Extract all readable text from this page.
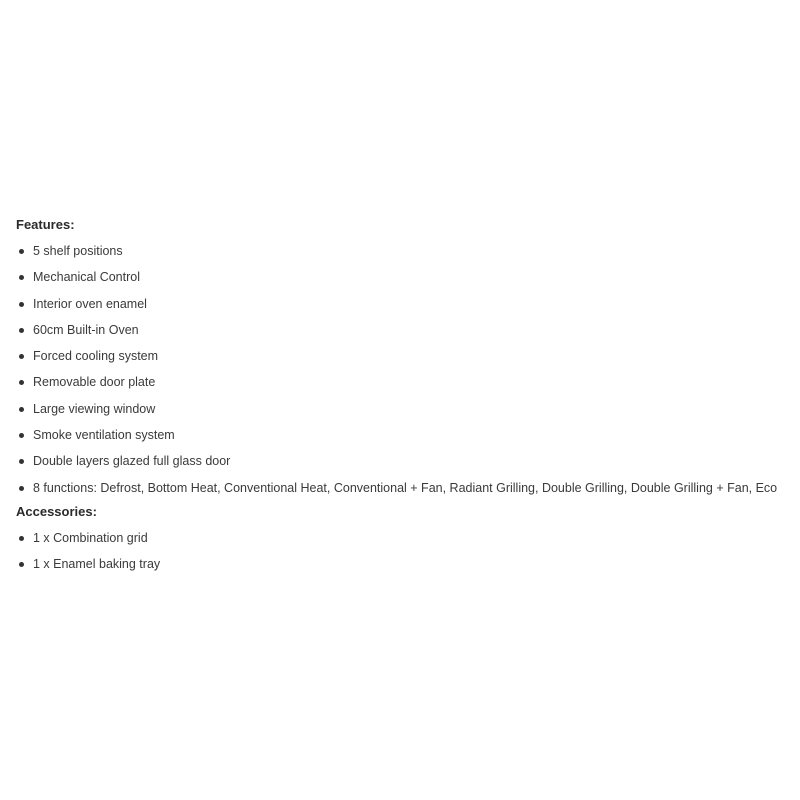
Features:
5 shelf positions
Mechanical Control
Interior oven enamel
60cm Built-in Oven
Forced cooling system
Removable door plate
Large viewing window
Smoke ventilation system
Double layers glazed full glass door
8 functions: Defrost, Bottom Heat, Conventional Heat, Conventional + Fan, Radiant Grilling, Double Grilling, Double Grilling + Fan, Eco
Accessories:
1 x Combination grid
1 x Enamel baking tray
